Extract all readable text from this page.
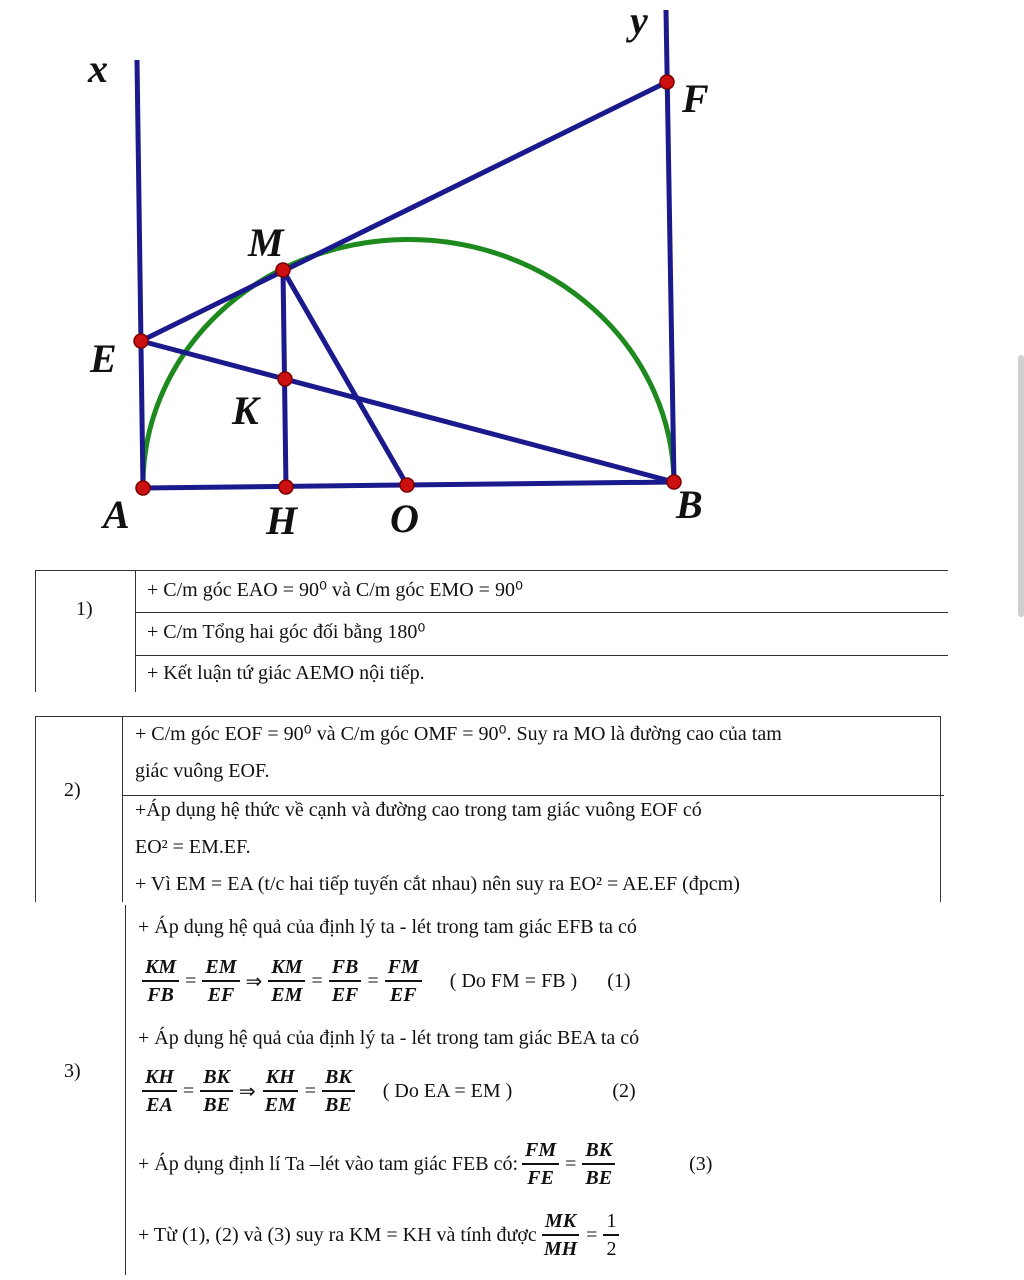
x
y
F
M
E
K
A	H O	B
1)
+ C/m góc EAO = 90⁰ và C/m góc EMO = 90⁰
+ C/m Tổng hai góc đối bằng 180⁰
+ Kết luận tứ giác AEMO nội tiếp.
2)
+ C/m góc EOF = 90⁰ và C/m góc OMF = 90⁰. Suy ra MO là đường cao của tam
giác vuông EOF.
+Áp dụng hệ thức về cạnh và đường cao trong tam giác vuông EOF có
EO² = EM.EF.
+ Vì EM = EA (t/c hai tiếp tuyến cắt nhau) nên suy ra EO² = AE.EF (đpcm)
3)
+ Áp dụng hệ quả của định lý ta - lét trong tam giác EFB ta có
$\frac{KM}{FB} = \frac{EM}{EF}$ ⇒ $\frac{KM}{EM} = \frac{FB}{EF} = \frac{FM}{EF}$ ( Do FM = FB ) (1)
+ Áp dụng hệ quả của định lý ta - lét trong tam giác BEA ta có
$\frac{KH}{EA} = \frac{BK}{BE}$ ⇒ $\frac{KH}{EM} = \frac{BK}{BE}$ ( Do EA = EM )	(2)
+ Áp dụng định lí Ta –lét vào tam giác FEB có: $\frac{FM}{FE} = \frac{BK}{BE}$	(3)
+ Từ (1), (2) và (3) suy ra KM = KH và tính được $\frac{MK}{MH} = \frac{1}{2}$
